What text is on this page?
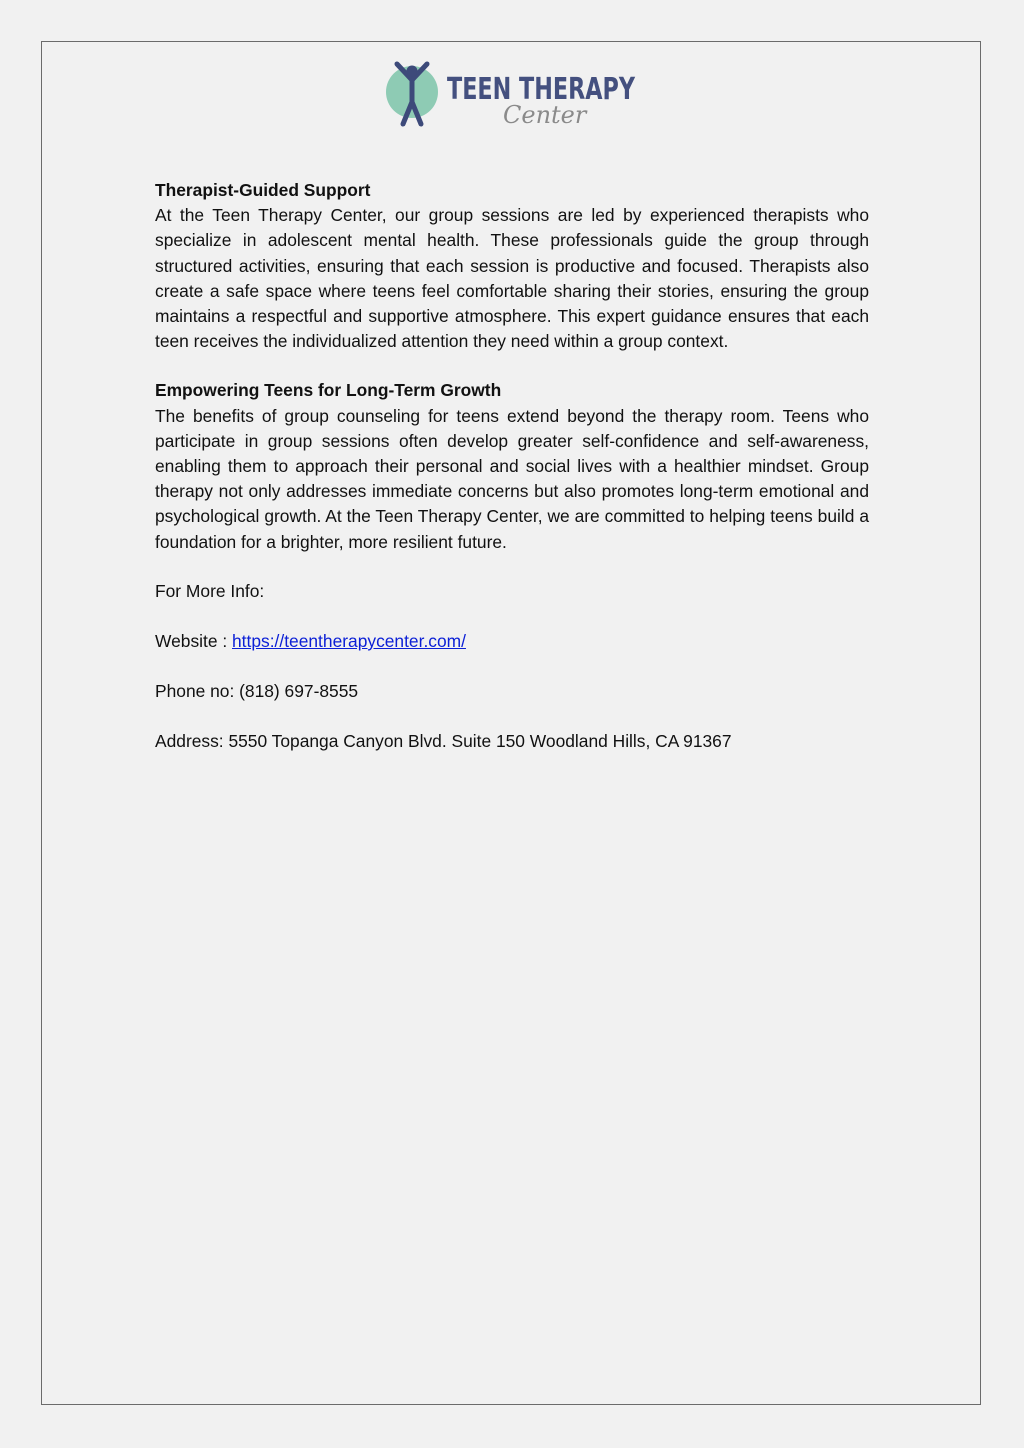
TEEN THERAPY
Center

Therapist-Guided Support

At the Teen Therapy Center, our group sessions are led by experienced therapists who specialize in adolescent mental health. These professionals guide the group through structured activities, ensuring that each session is productive and focused. Therapists also create a safe space where teens feel comfortable sharing their stories, ensuring the group maintains a respectful and supportive atmosphere. This expert guidance ensures that each teen receives the individualized attention they need within a group context.

Empowering Teens for Long-Term Growth

The benefits of group counseling for teens extend beyond the therapy room. Teens who participate in group sessions often develop greater self-confidence and self-awareness, enabling them to approach their personal and social lives with a healthier mindset. Group therapy not only addresses immediate concerns but also promotes long-term emotional and psychological growth. At the Teen Therapy Center, we are committed to helping teens build a foundation for a brighter, more resilient future.

For More Info:

Website : https://teentherapycenter.com/

Phone no: (818) 697-8555

Address: 5550 Topanga Canyon Blvd. Suite 150 Woodland Hills, CA 91367
